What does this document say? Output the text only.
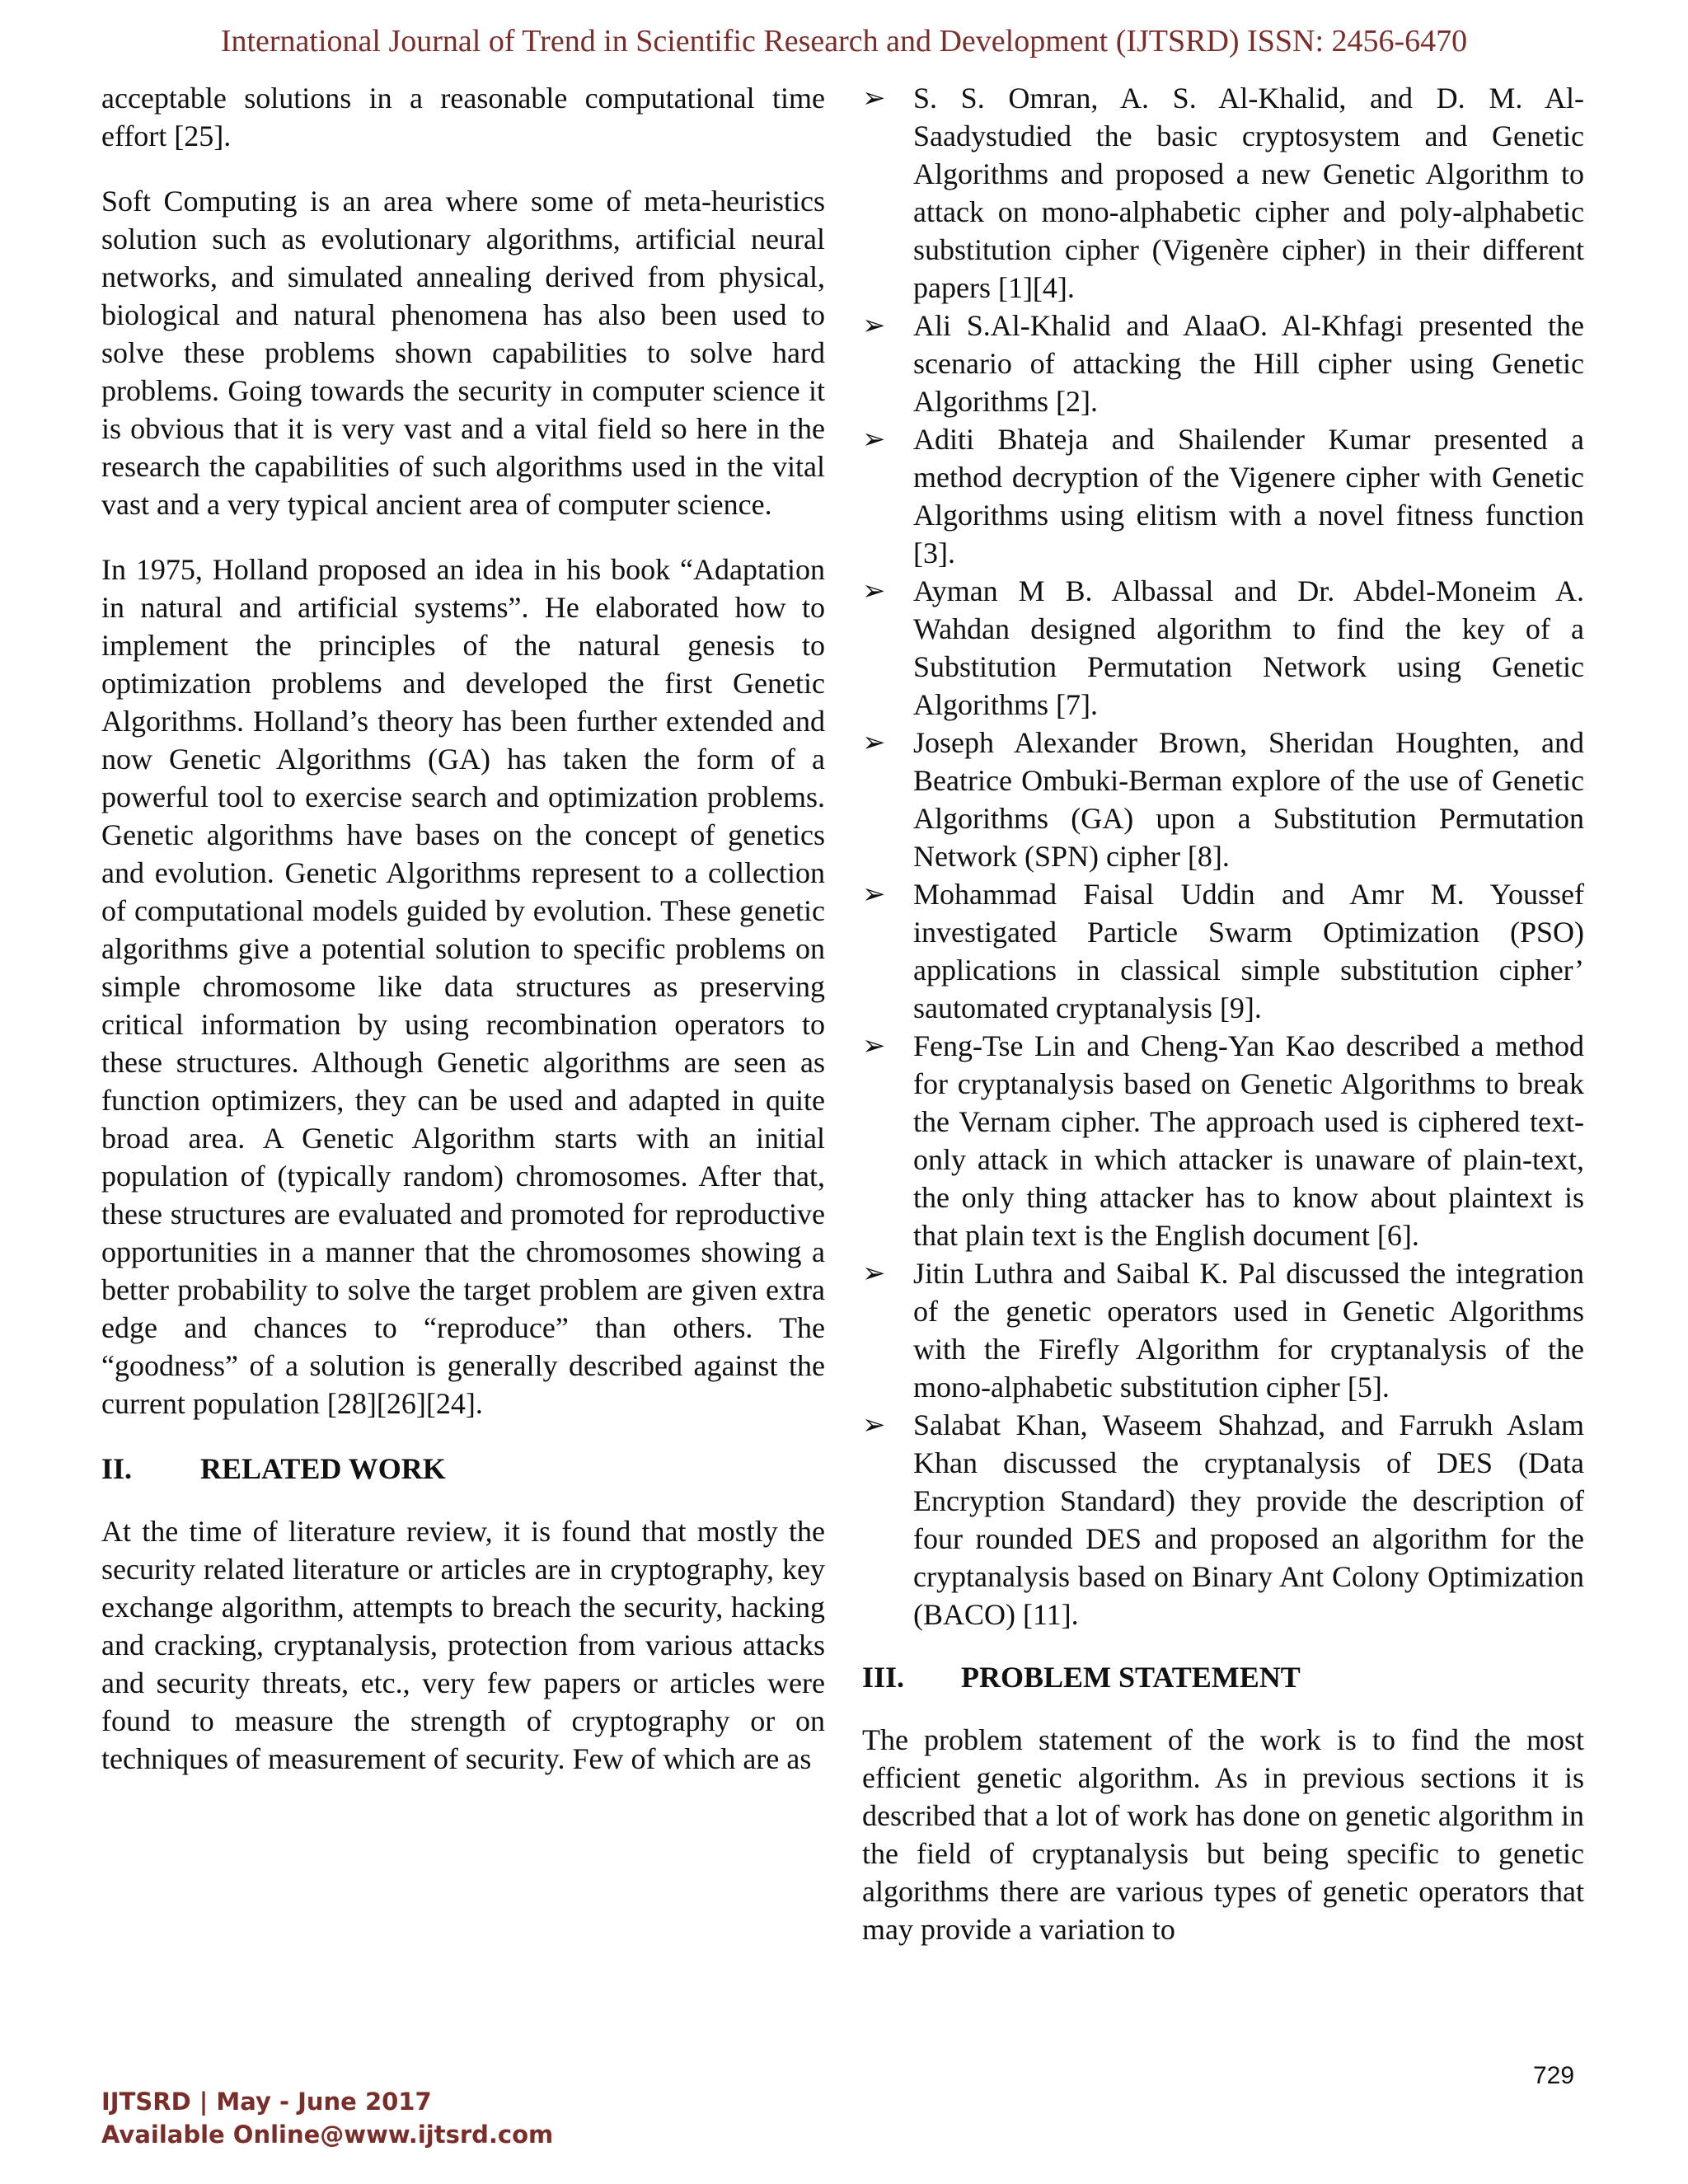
International Journal of Trend in Scientific Research and Development (IJTSRD) ISSN: 2456-6470

acceptable solutions in a reasonable computational time effort [25].

Soft Computing is an area where some of meta-heuristics solution such as evolutionary algorithms, artificial neural networks, and simulated annealing derived from physical, biological and natural phenomena has also been used to solve these problems shown capabilities to solve hard problems. Going towards the security in computer science it is obvious that it is very vast and a vital field so here in the research the capabilities of such algorithms used in the vital vast and a very typical ancient area of computer science.

In 1975, Holland proposed an idea in his book “Adaptation in natural and artificial systems”. He elaborated how to implement the principles of the natural genesis to optimization problems and developed the first Genetic Algorithms. Holland’s theory has been further extended and now Genetic Algorithms (GA) has taken the form of a powerful tool to exercise search and optimization problems. Genetic algorithms have bases on the concept of genetics and evolution. Genetic Algorithms represent to a collection of computational models guided by evolution. These genetic algorithms give a potential solution to specific problems on simple chromosome like data structures as preserving critical information by using recombination operators to these structures. Although Genetic algorithms are seen as function optimizers, they can be used and adapted in quite broad area. A Genetic Algorithm starts with an initial population of (typically random) chromosomes. After that, these structures are evaluated and promoted for reproductive opportunities in a manner that the chromosomes showing a better probability to solve the target problem are given extra edge and chances to “reproduce” than others. The “goodness” of a solution is generally described against the current population [28][26][24].

II.	RELATED WORK

At the time of literature review, it is found that mostly the security related literature or articles are in cryptography, key exchange algorithm, attempts to breach the security, hacking and cracking, cryptanalysis, protection from various attacks and security threats, etc., very few papers or articles were found to measure the strength of cryptography or on techniques of measurement of security. Few of which are as

➢ S. S. Omran, A. S. Al-Khalid, and D. M. Al-Saadystudied the basic cryptosystem and Genetic Algorithms and proposed a new Genetic Algorithm to attack on mono-alphabetic cipher and poly-alphabetic substitution cipher (Vigenère cipher) in their different papers [1][4].
➢ Ali S.Al-Khalid and AlaaO. Al-Khfagi presented the scenario of attacking the Hill cipher using Genetic Algorithms [2].
➢ Aditi Bhateja and Shailender Kumar presented a method decryption of the Vigenere cipher with Genetic Algorithms using elitism with a novel fitness function [3].
➢ Ayman M B. Albassal and Dr. Abdel-Moneim A. Wahdan designed algorithm to find the key of a Substitution Permutation Network using Genetic Algorithms [7].
➢ Joseph Alexander Brown, Sheridan Houghten, and Beatrice Ombuki-Berman explore of the use of Genetic Algorithms (GA) upon a Substitution Permutation Network (SPN) cipher [8].
➢ Mohammad Faisal Uddin and Amr M. Youssef investigated Particle Swarm Optimization (PSO) applications in classical simple substitution cipher’ sautomated cryptanalysis [9].
➢ Feng-Tse Lin and Cheng-Yan Kao described a method for cryptanalysis based on Genetic Algorithms to break the Vernam cipher. The approach used is ciphered text-only attack in which attacker is unaware of plain-text, the only thing attacker has to know about plaintext is that plain text is the English document [6].
➢ Jitin Luthra and Saibal K. Pal discussed the integration of the genetic operators used in Genetic Algorithms with the Firefly Algorithm for cryptanalysis of the mono-alphabetic substitution cipher [5].
➢ Salabat Khan, Waseem Shahzad, and Farrukh Aslam Khan discussed the cryptanalysis of DES (Data Encryption Standard) they provide the description of four rounded DES and proposed an algorithm for the cryptanalysis based on Binary Ant Colony Optimization (BACO) [11].
III.	PROBLEM STATEMENT

The problem statement of the work is to find the most efficient genetic algorithm. As in previous sections it is described that a lot of work has done on genetic algorithm in the field of cryptanalysis but being specific to genetic algorithms there are various types of genetic operators that may provide a variation to

729
IJTSRD | May - June 2017
Available Online@www.ijtsrd.com
